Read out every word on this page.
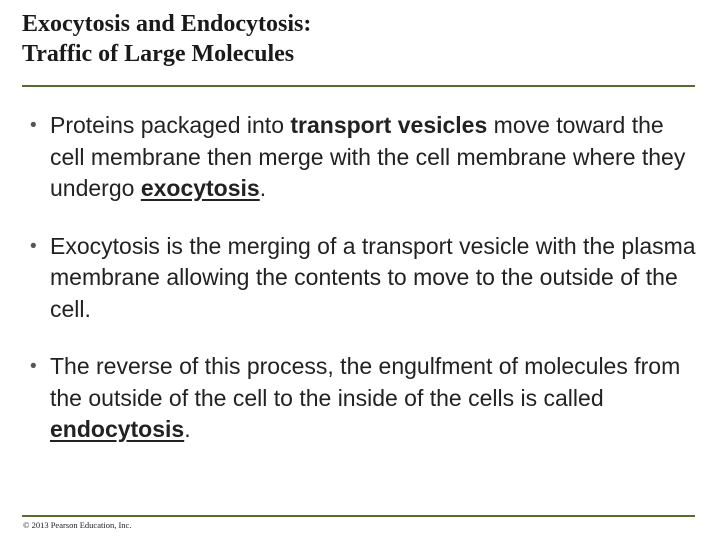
Exocytosis and Endocytosis:
Traffic of Large Molecules
• Proteins packaged into transport vesicles move toward the cell membrane then merge with the cell membrane where they undergo exocytosis.
• Exocytosis is the merging of a transport vesicle with the plasma membrane allowing the contents to move to the outside of the cell.
• The reverse of this process, the engulfment of molecules from the outside of the cell to the inside of the cells is called endocytosis.
© 2013 Pearson Education, Inc.
